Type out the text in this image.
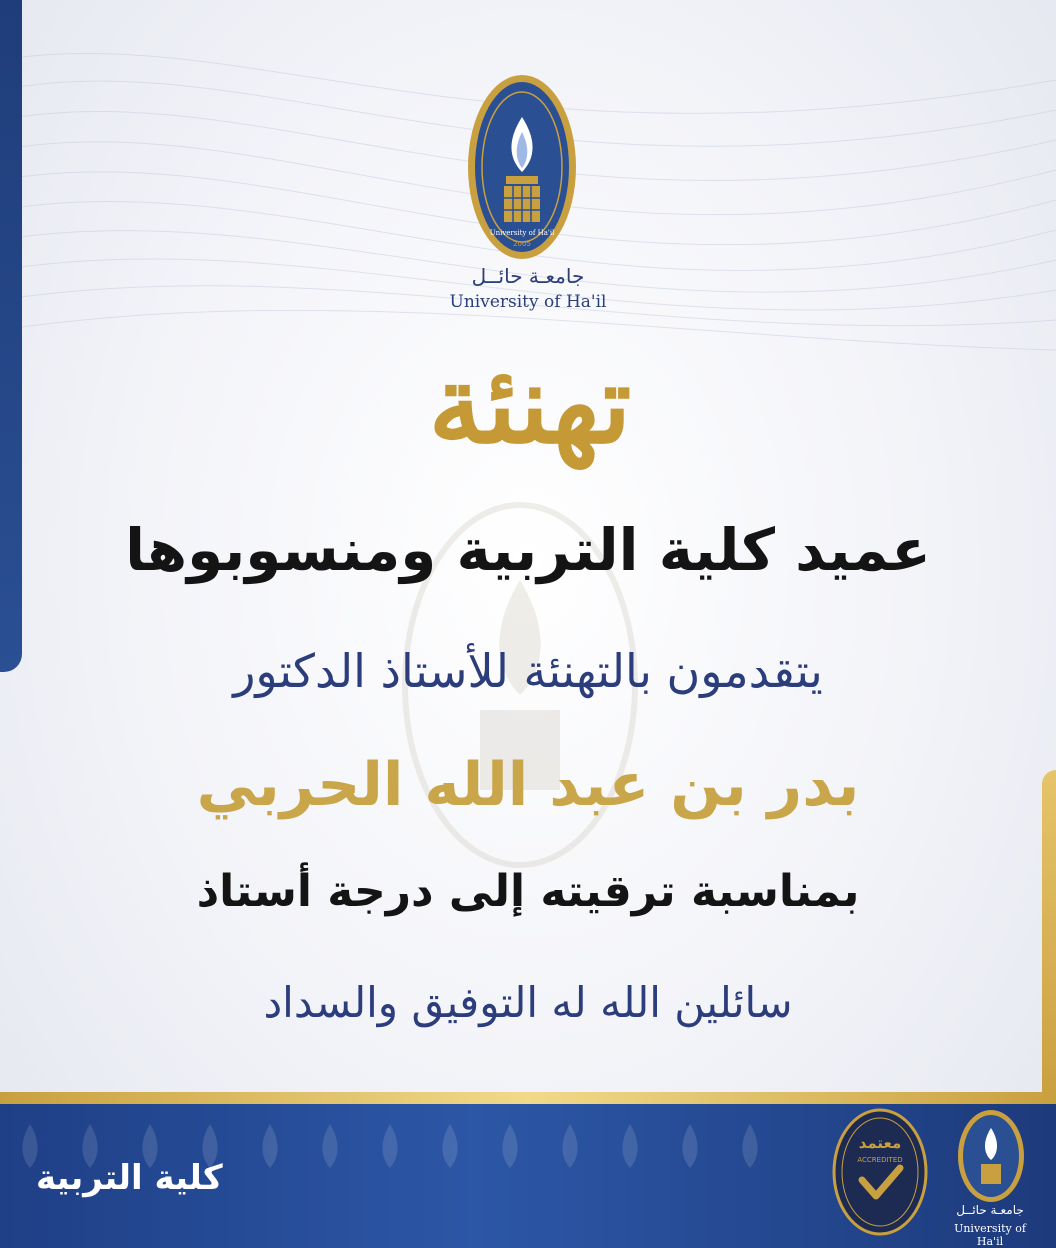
University of Ha'il
2005
جامعـة حائــل
University of Ha'il
تهنئة
عميد كلية التربية ومنسوبوها
يتقدمون بالتهنئة للأستاذ الدكتور
بدر بن عبد الله الحربي
بمناسبة ترقيته إلى درجة أستاذ
سائلين الله له التوفيق والسداد
كلية التربية
معتمد
ACCREDITED
جامعـة حائــل
University of Ha'il
